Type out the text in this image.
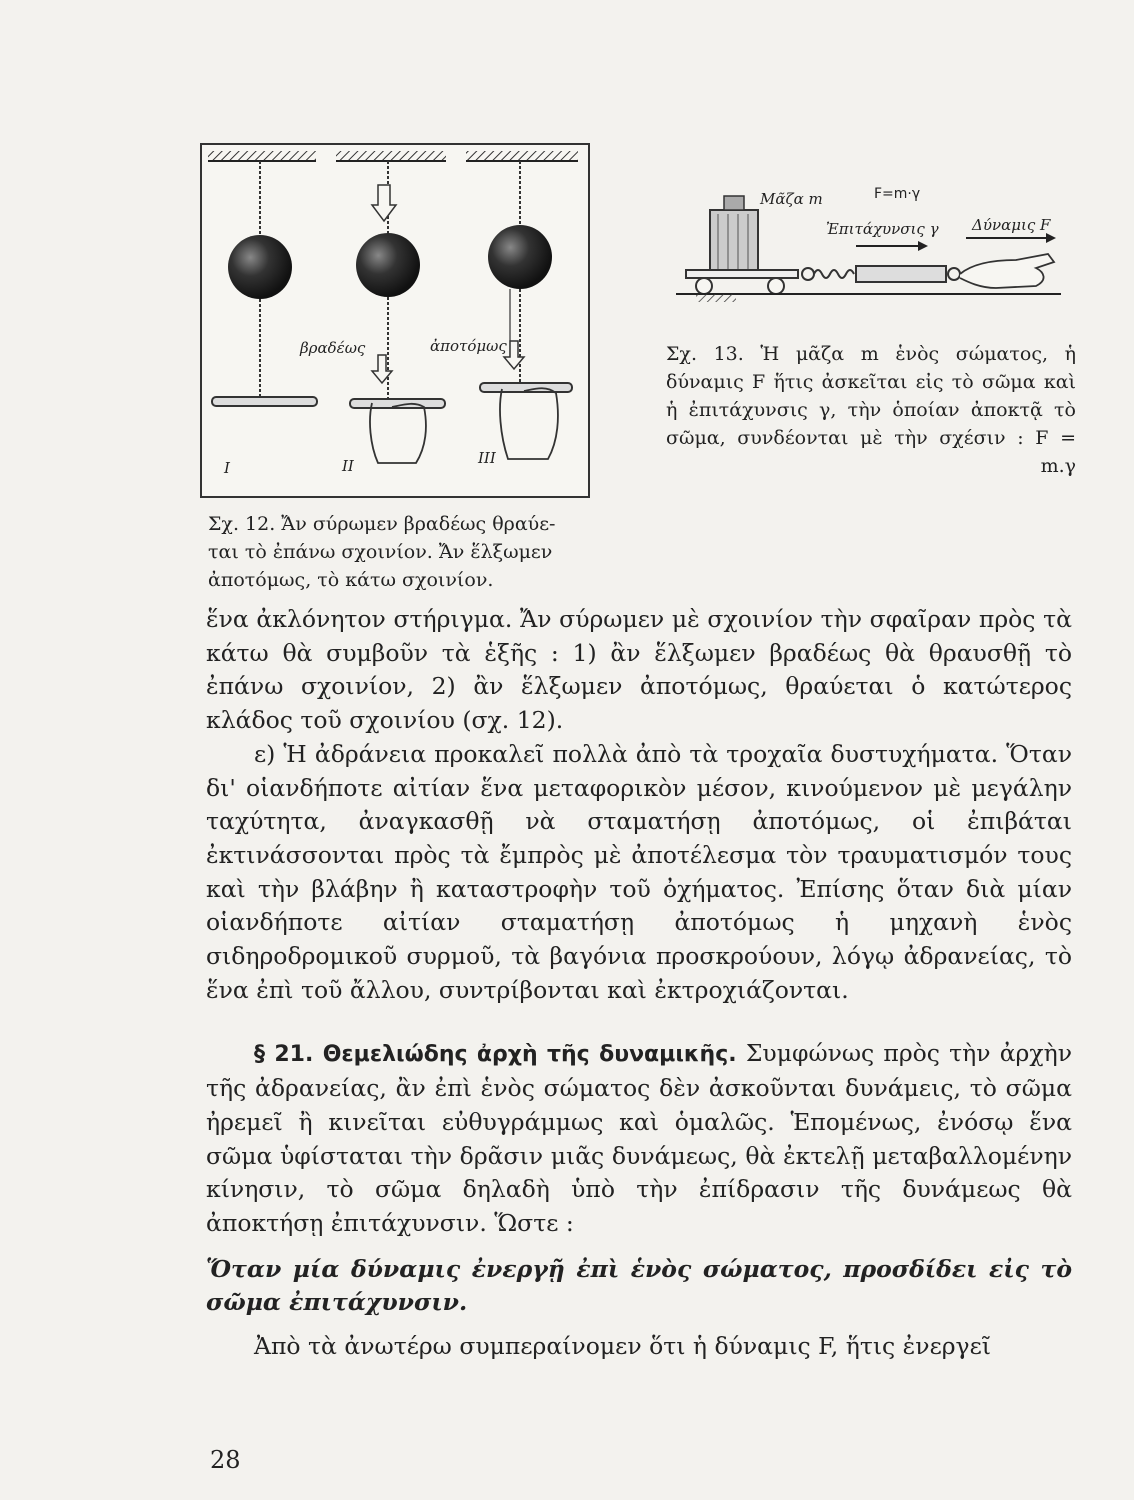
βραδέως	ἀποτόμως
I	II	III
Μᾶζα m	F=m·γ
Ἐπιτάχυνσις γ Δύναμις F
Σχ. 13. Ἡ μᾶζα m ἑνὸς σώματος, ἡ δύναμις F ἥτις ἀσκεῖται εἰς τὸ σῶμα καὶ ἡ ἐπιτάχυνσις γ, τὴν ὁποίαν ἀποκτᾷ τὸ σῶμα, συνδέονται μὲ τὴν σχέσιν : F = m.γ
Σχ. 12. Ἄν σύρωμεν βραδέως θραύε-
ται τὸ ἐπάνω σχοινίον. Ἄν ἕλξωμεν
ἀποτόμως, τὸ κάτω σχοινίον.

ἕνα ἀκλόνητον στήριγμα. Ἄν σύρωμεν μὲ σχοινίον τὴν σφαῖραν πρὸς τὰ κάτω θὰ συμβοῦν τὰ ἑξῆς : 1) ἂν ἕλξωμεν βραδέως θὰ θραυσθῇ τὸ ἐπάνω σχοινίον, 2) ἂν ἕλξωμεν ἀποτόμως, θραύεται ὁ κατώτερος κλάδος τοῦ σχοινίου (σχ. 12).

ε) Ἡ ἀδράνεια προκαλεῖ πολλὰ ἀπὸ τὰ τροχαῖα δυστυχήματα. Ὅταν δι' οἱανδήποτε αἰτίαν ἕνα μεταφορικὸν μέσον, κινούμενον μὲ μεγάλην ταχύτητα, ἀναγκασθῇ νὰ σταματήσῃ ἀποτόμως, οἱ ἐπιβάται ἐκτινάσσονται πρὸς τὰ ἔμπρὸς μὲ ἀποτέλεσμα τὸν τραυματισμόν τους καὶ τὴν βλάβην ἢ καταστροφὴν τοῦ ὀχήματος. Ἐπίσης ὅταν διὰ μίαν οἱανδήποτε αἰτίαν σταματήσῃ ἀποτόμως ἡ μηχανὴ ἑνὸς σιδηροδρομικοῦ συρμοῦ, τὰ βαγόνια προσκρούουν, λόγῳ ἀδρανείας, τὸ ἕνα ἐπὶ τοῦ ἄλλου, συντρίβονται καὶ ἐκτροχιάζονται.

§ 21. Θεμελιώδης ἀρχὴ τῆς δυναμικῆς. Συμφώνως πρὸς τὴν ἀρχὴν τῆς ἀδρανείας, ἂν ἐπὶ ἑνὸς σώματος δὲν ἀσκοῦνται δυνάμεις, τὸ σῶμα ἠρεμεῖ ἢ κινεῖται εὐθυγράμμως καὶ ὁμαλῶς. Ἑπομένως, ἐνόσῳ ἕνα σῶμα ὑφίσταται τὴν δρᾶσιν μιᾶς δυνάμεως, θὰ ἐκτελῇ μεταβαλλομένην κίνησιν, τὸ σῶμα δηλαδὴ ὑπὸ τὴν ἐπίδρασιν τῆς δυνάμεως θὰ ἀποκτήσῃ ἐπιτάχυνσιν. Ὥστε :

Ὅταν μία δύναμις ἐνεργῇ ἐπὶ ἑνὸς σώματος, προσδίδει εἰς τὸ σῶμα ἐπιτάχυνσιν.

Ἀπὸ τὰ ἀνωτέρω συμπεραίνομεν ὅτι ἡ δύναμις F, ἥτις ἐνεργεῖ

28
